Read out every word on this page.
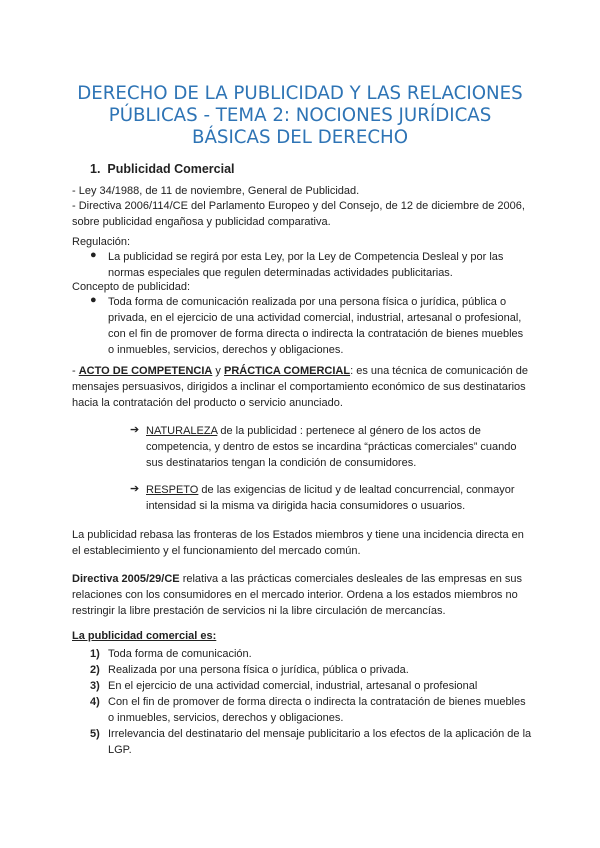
DERECHO DE LA PUBLICIDAD Y LAS RELACIONES
PÚBLICAS - TEMA 2: NOCIONES JURÍDICAS
BÁSICAS DEL DERECHO
1. Publicidad Comercial

- Ley 34/1988, de 11 de noviembre, General de Publicidad.

- Directiva 2006/114/CE del Parlamento Europeo y del Consejo, de 12 de diciembre de 2006, sobre publicidad engañosa y publicidad comparativa.

Regulación:

● La publicidad se regirá por esta Ley, por la Ley de Competencia Desleal y por las normas especiales que regulen determinadas actividades publicitarias.

Concepto de publicidad:

● Toda forma de comunicación realizada por una persona física o jurídica, pública o privada, en el ejercicio de una actividad comercial, industrial, artesanal o profesional, con el fin de promover de forma directa o indirecta la contratación de bienes muebles o inmuebles, servicios, derechos y obligaciones.

- ACTO DE COMPETENCIA y PRÁCTICA COMERCIAL: es una técnica de comunicación de mensajes persuasivos, dirigidos a inclinar el comportamiento económico de sus destinatarios hacia la contratación del producto o servicio anunciado.

➔ NATURALEZA de la publicidad : pertenece al género de los actos de competencia, y dentro de estos se incardina “prácticas comerciales” cuando sus destinatarios tengan la condición de consumidores.

➔ RESPETO de las exigencias de licitud y de lealtad concurrencial, conmayor intensidad si la misma va dirigida hacia consumidores o usuarios.

La publicidad rebasa las fronteras de los Estados miembros y tiene una incidencia directa en el establecimiento y el funcionamiento del mercado común.

Directiva 2005/29/CE relativa a las prácticas comerciales desleales de las empresas en sus relaciones con los consumidores en el mercado interior. Ordena a los estados miembros no restringir la libre prestación de servicios ni la libre circulación de mercancías.

La publicidad comercial es:

1) Toda forma de comunicación.
2) Realizada por una persona física o jurídica, pública o privada.
3) En el ejercicio de una actividad comercial, industrial, artesanal o profesional
4) Con el fin de promover de forma directa o indirecta la contratación de bienes muebles o inmuebles, servicios, derechos y obligaciones.
5) Irrelevancia del destinatario del mensaje publicitario a los efectos de la aplicación de la LGP.
